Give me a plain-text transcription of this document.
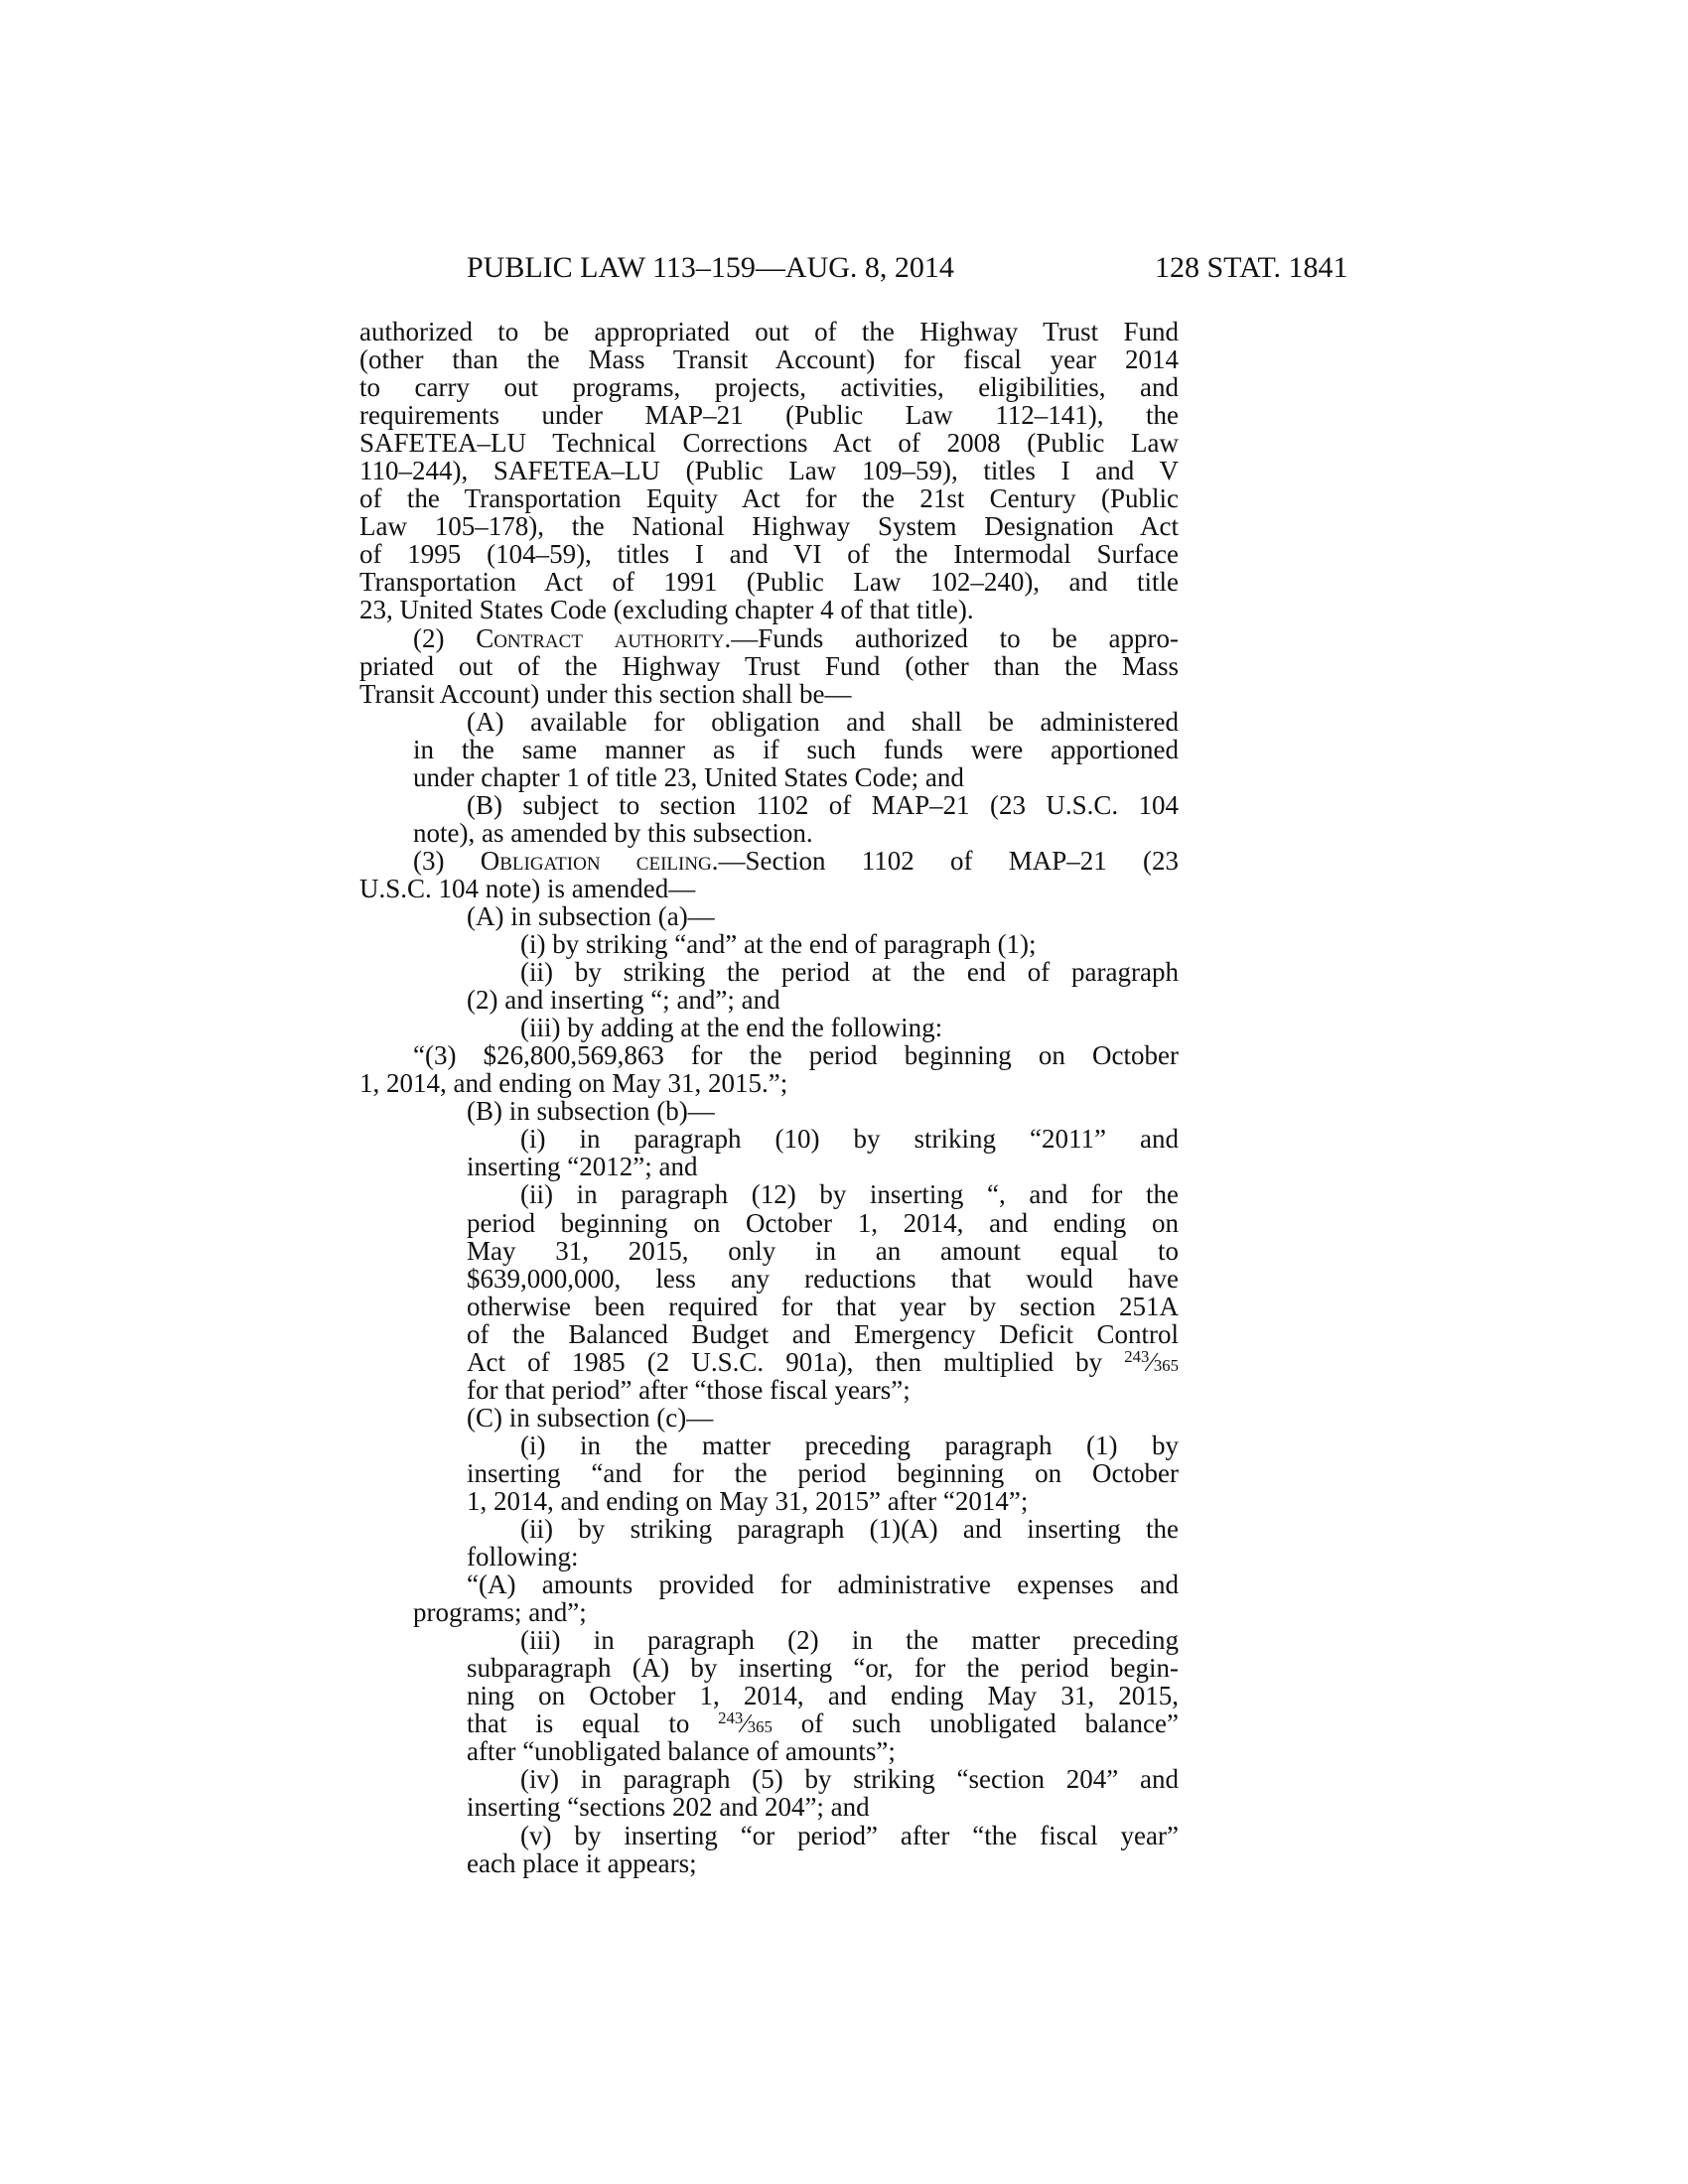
PUBLIC LAW 113–159—AUG. 8, 2014	128 STAT. 1841
authorized to be appropriated out of the Highway Trust Fund
(other than the Mass Transit Account) for fiscal year 2014
to carry out programs, projects, activities, eligibilities, and
requirements under MAP–21 (Public Law 112–141), the
SAFETEA–LU Technical Corrections Act of 2008 (Public Law
110–244), SAFETEA–LU (Public Law 109–59), titles I and V
of the Transportation Equity Act for the 21st Century (Public
Law 105–178), the National Highway System Designation Act
of 1995 (104–59), titles I and VI of the Intermodal Surface
Transportation Act of 1991 (Public Law 102–240), and title
23, United States Code (excluding chapter 4 of that title).
(2) Contract authority.—Funds authorized to be appro-
priated out of the Highway Trust Fund (other than the Mass
Transit Account) under this section shall be—
(A) available for obligation and shall be administered
in the same manner as if such funds were apportioned
under chapter 1 of title 23, United States Code; and
(B) subject to section 1102 of MAP–21 (23 U.S.C. 104
note), as amended by this subsection.
(3) Obligation ceiling.—Section 1102 of MAP–21 (23
U.S.C. 104 note) is amended—
(A) in subsection (a)—
(i) by striking “and” at the end of paragraph (1);
(ii) by striking the period at the end of paragraph
(2) and inserting “; and”; and
(iii) by adding at the end the following:
“(3) $26,800,569,863 for the period beginning on October
1, 2014, and ending on May 31, 2015.”;
(B) in subsection (b)—
(i) in paragraph (10) by striking “2011” and
inserting “2012”; and
(ii) in paragraph (12) by inserting “, and for the
period beginning on October 1, 2014, and ending on
May 31, 2015, only in an amount equal to
$639,000,000, less any reductions that would have
otherwise been required for that year by section 251A
of the Balanced Budget and Emergency Deficit Control
Act of 1985 (2 U.S.C. 901a), then multiplied by $^{243}$⁄365
for that period” after “those fiscal years”;
(C) in subsection (c)—
(i) in the matter preceding paragraph (1) by
inserting “and for the period beginning on October
1, 2014, and ending on May 31, 2015” after “2014”;
(ii) by striking paragraph (1)(A) and inserting the
following:
“(A) amounts provided for administrative expenses and
programs; and”;
(iii) in paragraph (2) in the matter preceding
subparagraph (A) by inserting “or, for the period begin-
ning on October 1, 2014, and ending May 31, 2015,
that is equal to $^{243}$⁄365 of such unobligated balance”
after “unobligated balance of amounts”;
(iv) in paragraph (5) by striking “section 204” and
inserting “sections 202 and 204”; and
(v) by inserting “or period” after “the fiscal year”
each place it appears;
